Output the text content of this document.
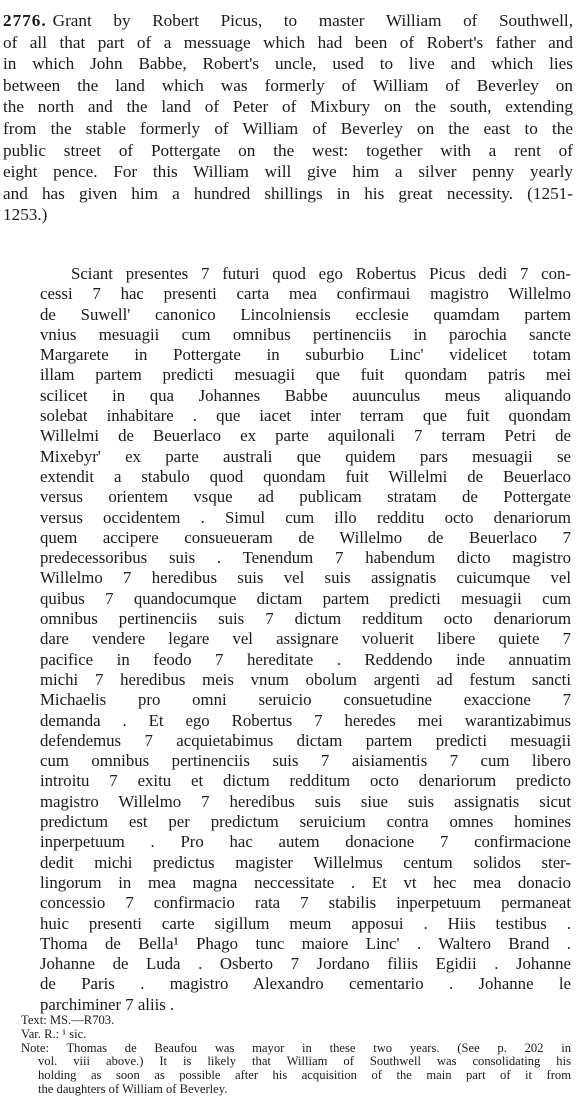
2776. Grant by Robert Picus, to master William of Southwell,
of all that part of a messuage which had been of Robert's father and
in which John Babbe, Robert's uncle, used to live and which lies
between the land which was formerly of William of Beverley on
the north and the land of Peter of Mixbury on the south, extending
from the stable formerly of William of Beverley on the east to the
public street of Pottergate on the west: together with a rent of
eight pence. For this William will give him a silver penny yearly
and has given him a hundred shillings in his great necessity. (1251-
1253.)
Sciant presentes 7 futuri quod ego Robertus Picus dedi 7 con-
cessi 7 hac presenti carta mea confirmaui magistro Willelmo
de Suwell' canonico Lincolniensis ecclesie quamdam partem
vnius mesuagii cum omnibus pertinenciis in parochia sancte
Margarete in Pottergate in suburbio Linc' videlicet totam
illam partem predicti mesuagii que fuit quondam patris mei
scilicet in qua Johannes Babbe auunculus meus aliquando
solebat inhabitare . que iacet inter terram que fuit quondam
Willelmi de Beuerlaco ex parte aquilonali 7 terram Petri de
Mixebyr' ex parte australi que quidem pars mesuagii se
extendit a stabulo quod quondam fuit Willelmi de Beuerlaco
versus orientem vsque ad publicam stratam de Pottergate
versus occidentem . Simul cum illo redditu octo denariorum
quem accipere consueueram de Willelmo de Beuerlaco 7
predecessoribus suis . Tenendum 7 habendum dicto magistro
Willelmo 7 heredibus suis vel suis assignatis cuicumque vel
quibus 7 quandocumque dictam partem predicti mesuagii cum
omnibus pertinenciis suis 7 dictum redditum octo denariorum
dare vendere legare vel assignare voluerit libere quiete 7
pacifice in feodo 7 hereditate . Reddendo inde annuatim
michi 7 heredibus meis vnum obolum argenti ad festum sancti
Michaelis pro omni seruicio consuetudine exaccione 7
demanda . Et ego Robertus 7 heredes mei warantizabimus
defendemus 7 acquietabimus dictam partem predicti mesuagii
cum omnibus pertinenciis suis 7 aisiamentis 7 cum libero
introitu 7 exitu et dictum redditum octo denariorum predicto
magistro Willelmo 7 heredibus suis siue suis assignatis sicut
predictum est per predictum seruicium contra omnes homines
inperpetuum . Pro hac autem donacione 7 confirmacione
dedit michi predictus magister Willelmus centum solidos ster-
lingorum in mea magna neccessitate . Et vt hec mea donacio
concessio 7 confirmacio rata 7 stabilis inperpetuum permaneat
huic presenti carte sigillum meum apposui . Hiis testibus .
Thoma de Bella¹ Phago tunc maiore Linc' . Waltero Brand .
Johanne de Luda . Osberto 7 Jordano filiis Egidii . Johanne
de Paris . magistro Alexandro cementario . Johanne le
parchiminer 7 aliis .
Text: MS.—R703.
Var. R.: ¹ sic.
Note: Thomas de Beaufou was mayor in these two years. (See p. 202 in
vol. viii above.) It is likely that William of Southwell was consolidating his
holding as soon as possible after his acquisition of the main part of it from
the daughters of William of Beverley.
